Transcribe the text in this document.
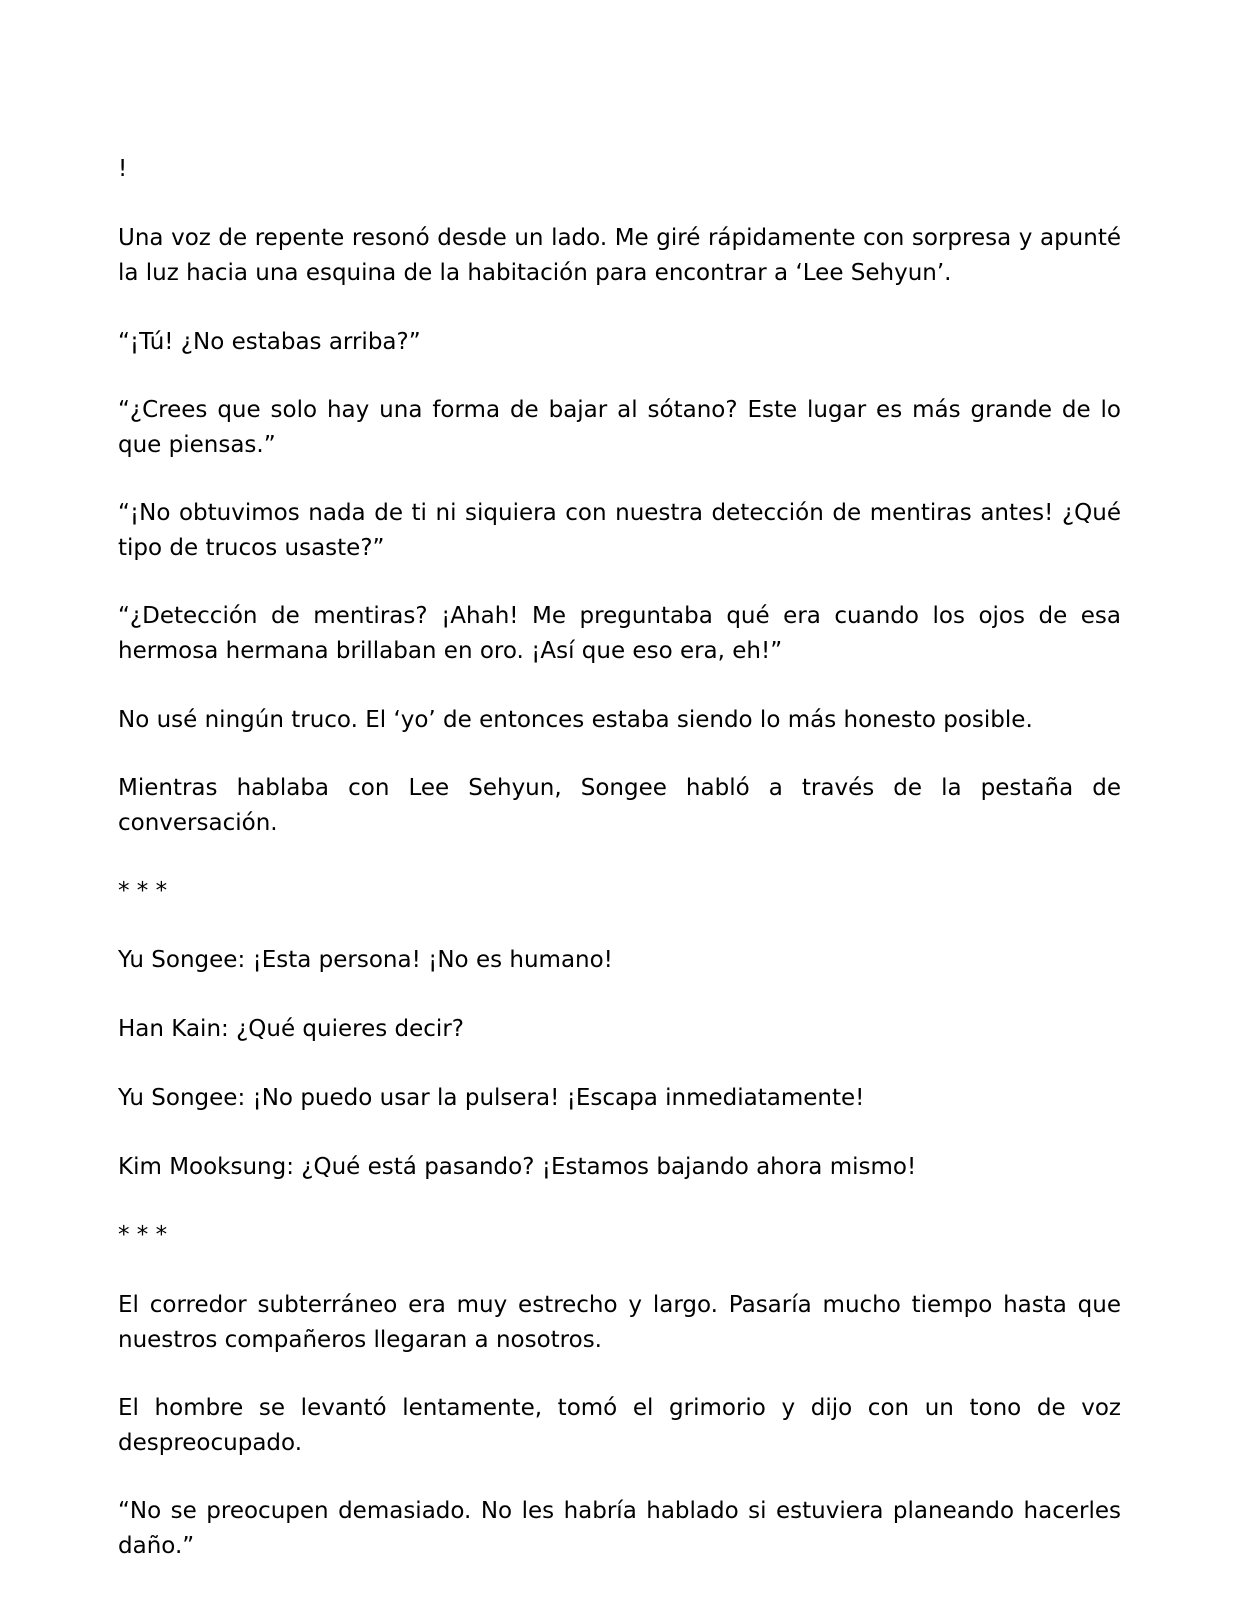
!

Una voz de repente resonó desde un lado. Me giré rápidamente con sorpresa y apunté la luz hacia una esquina de la habitación para encontrar a ‘Lee Sehyun’.

“¡Tú! ¿No estabas arriba?”

“¿Crees que solo hay una forma de bajar al sótano? Este lugar es más grande de lo que piensas.”

“¡No obtuvimos nada de ti ni siquiera con nuestra detección de mentiras antes! ¿Qué tipo de trucos usaste?”

“¿Detección de mentiras? ¡Ahah! Me preguntaba qué era cuando los ojos de esa hermosa hermana brillaban en oro. ¡Así que eso era, eh!”

No usé ningún truco. El ‘yo’ de entonces estaba siendo lo más honesto posible.

Mientras hablaba con Lee Sehyun, Songee habló a través de la pestaña de conversación.

* * *

Yu Songee: ¡Esta persona! ¡No es humano!

Han Kain: ¿Qué quieres decir?

Yu Songee: ¡No puedo usar la pulsera! ¡Escapa inmediatamente!

Kim Mooksung: ¿Qué está pasando? ¡Estamos bajando ahora mismo!

* * *

El corredor subterráneo era muy estrecho y largo. Pasaría mucho tiempo hasta que nuestros compañeros llegaran a nosotros.

El hombre se levantó lentamente, tomó el grimorio y dijo con un tono de voz despreocupado.

“No se preocupen demasiado. No les habría hablado si estuviera planeando hacerles daño.”
